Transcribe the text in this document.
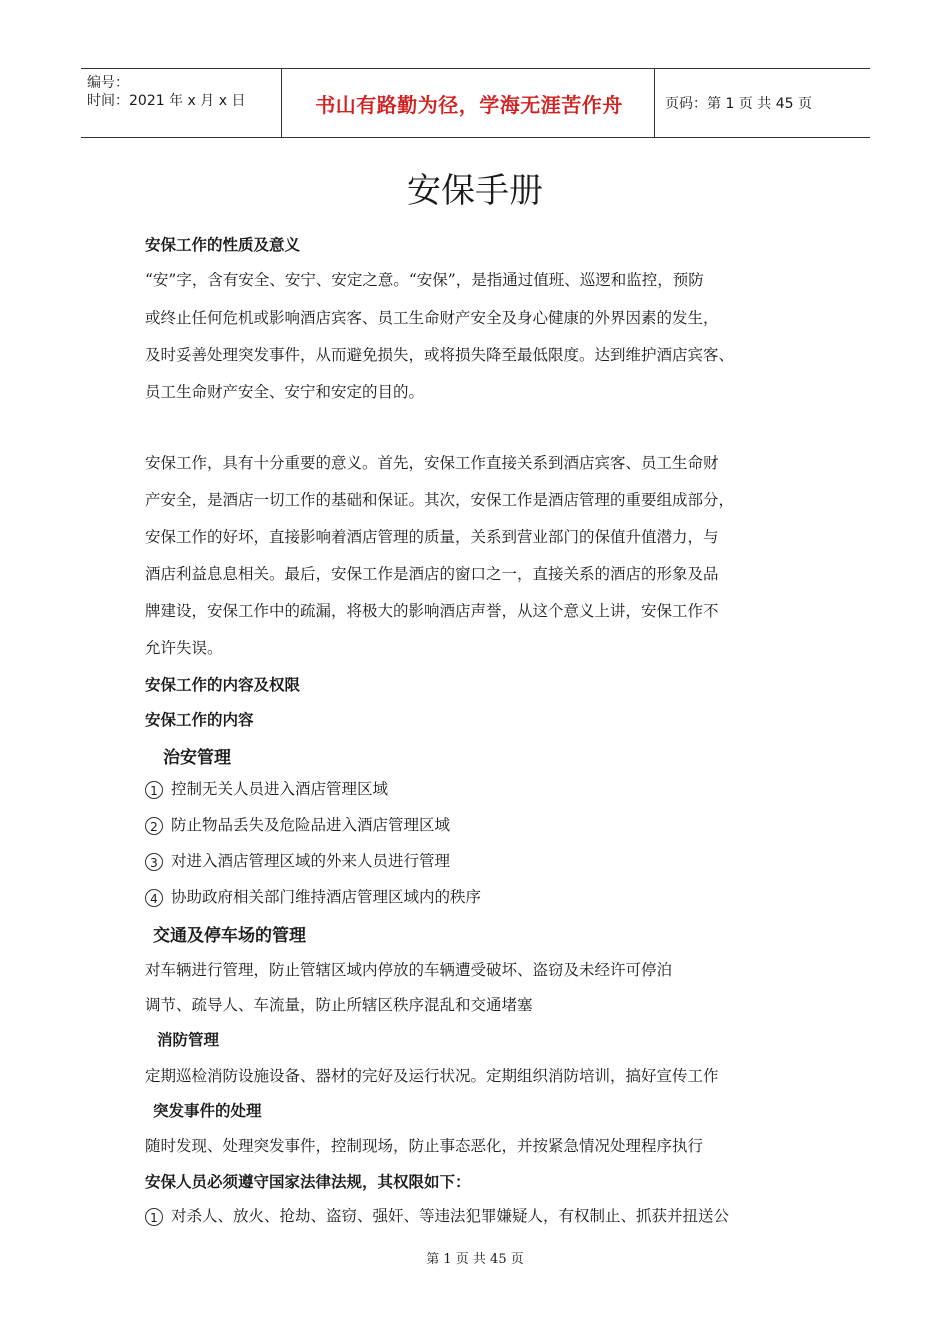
编号：
时间：2021 年 x 月 x 日	书山有路勤为径，学海无涯苦作舟	页码：第 1 页 共 45 页
安保手册
安保工作的性质及意义
“安”字，含有安全、安宁、安定之意。“安保”，是指通过值班、巡逻和监控，预防
或终止任何危机或影响酒店宾客、员工生命财产安全及身心健康的外界因素的发生，
及时妥善处理突发事件，从而避免损失，或将损失降至最低限度。达到维护酒店宾客、
员工生命财产安全、安宁和安定的目的。
安保工作，具有十分重要的意义。首先，安保工作直接关系到酒店宾客、员工生命财
产安全，是酒店一切工作的基础和保证。其次，安保工作是酒店管理的重要组成部分，
安保工作的好坏，直接影响着酒店管理的质量，关系到营业部门的保值升值潜力，与
酒店利益息息相关。最后，安保工作是酒店的窗口之一，直接关系的酒店的形象及品
牌建设，安保工作中的疏漏，将极大的影响酒店声誉，从这个意义上讲，安保工作不
允许失误。
安保工作的内容及权限
安保工作的内容
治安管理
1 控制无关人员进入酒店管理区域
2 防止物品丢失及危险品进入酒店管理区域
3 对进入酒店管理区域的外来人员进行管理
4 协助政府相关部门维持酒店管理区域内的秩序
交通及停车场的管理
对车辆进行管理，防止管辖区域内停放的车辆遭受破坏、盗窃及未经许可停泊
调节、疏导人、车流量，防止所辖区秩序混乱和交通堵塞
消防管理
定期巡检消防设施设备、器材的完好及运行状况。定期组织消防培训，搞好宣传工作
突发事件的处理
随时发现、处理突发事件，控制现场，防止事态恶化，并按紧急情况处理程序执行
安保人员必须遵守国家法律法规，其权限如下：
1 对杀人、放火、抢劫、盗窃、强奸、等违法犯罪嫌疑人，有权制止、抓获并扭送公
第 1 页 共 45 页
